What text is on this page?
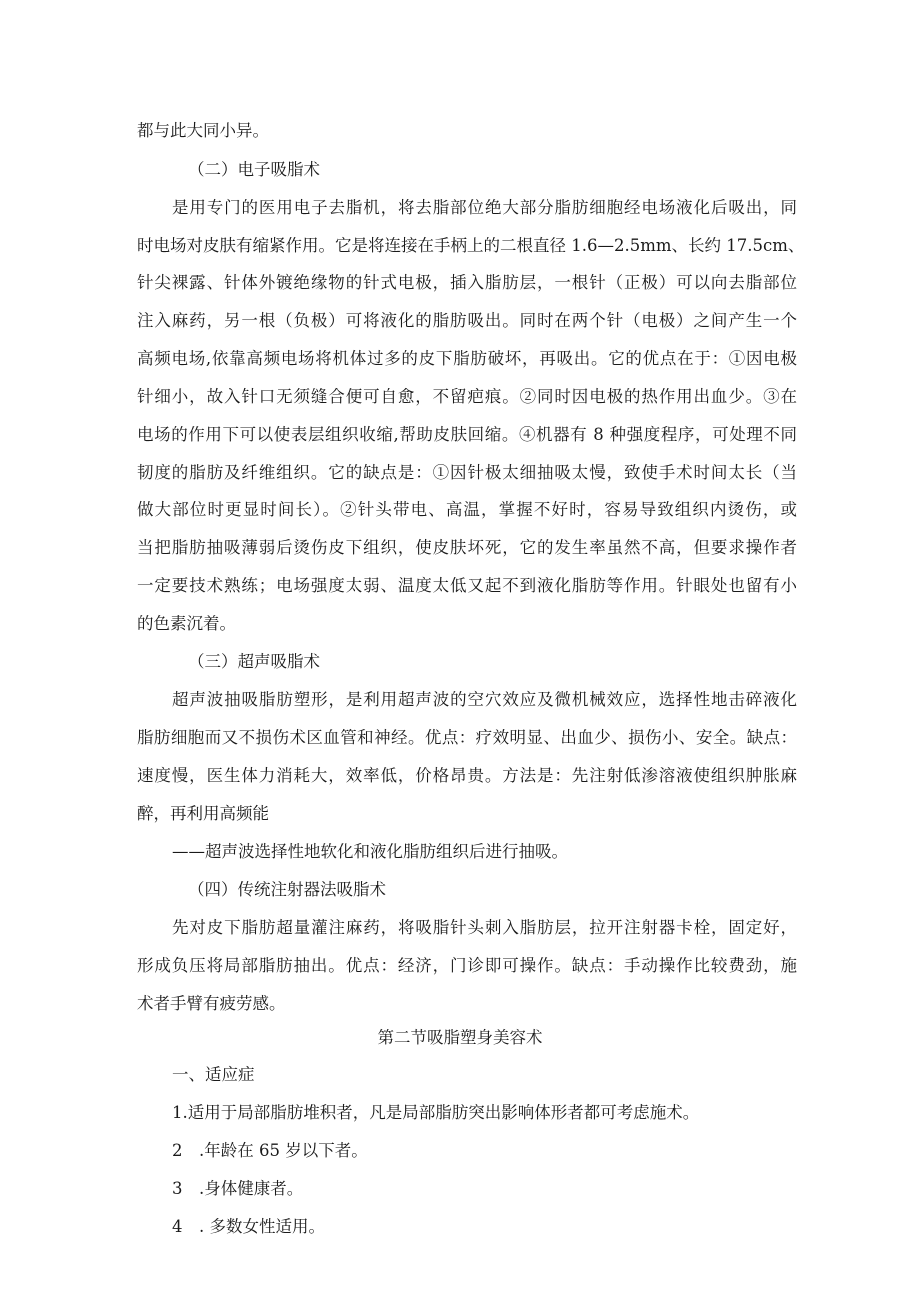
都与此大同小异。
（二）电子吸脂术
是用专门的医用电子去脂机，将去脂部位绝大部分脂肪细胞经电场液化后吸出，同
时电场对皮肤有缩紧作用。它是将连接在手柄上的二根直径 1.6—2.5mm、长约 17.5cm、
针尖裸露、针体外镀绝缘物的针式电极，插入脂肪层，一根针（正极）可以向去脂部位
注入麻药，另一根（负极）可将液化的脂肪吸出。同时在两个针（电极）之间产生一个
高频电场,依靠高频电场将机体过多的皮下脂肪破坏，再吸出。它的优点在于：①因电极
针细小，故入针口无须缝合便可自愈，不留疤痕。②同时因电极的热作用出血少。③在
电场的作用下可以使表层组织收缩,帮助皮肤回缩。④机器有 8 种强度程序，可处理不同
韧度的脂肪及纤维组织。它的缺点是：①因针极太细抽吸太慢，致使手术时间太长（当
做大部位时更显时间长）。②针头带电、高温，掌握不好时，容易导致组织内烫伤，或
当把脂肪抽吸薄弱后烫伤皮下组织，使皮肤坏死，它的发生率虽然不高，但要求操作者
一定要技术熟练；电场强度太弱、温度太低又起不到液化脂肪等作用。针眼处也留有小
的色素沉着。
（三）超声吸脂术
超声波抽吸脂肪塑形，是利用超声波的空穴效应及微机械效应，选择性地击碎液化
脂肪细胞而又不损伤术区血管和神经。优点：疗效明显、出血少、损伤小、安全。缺点：
速度慢，医生体力消耗大，效率低，价格昂贵。方法是：先注射低渗溶液使组织肿胀麻
醉，再利用高频能
——超声波选择性地软化和液化脂肪组织后进行抽吸。
（四）传统注射器法吸脂术
先对皮下脂肪超量灌注麻药，将吸脂针头刺入脂肪层，拉开注射器卡栓，固定好，
形成负压将局部脂肪抽出。优点：经济，门诊即可操作。缺点：手动操作比较费劲，施
术者手臂有疲劳感。
第二节吸脂塑身美容术
一、适应症
1.适用于局部脂肪堆积者，凡是局部脂肪突出影响体形者都可考虑施术。
2　.年龄在 65 岁以下者。
3　.身体健康者。
4　. 多数女性适用。
